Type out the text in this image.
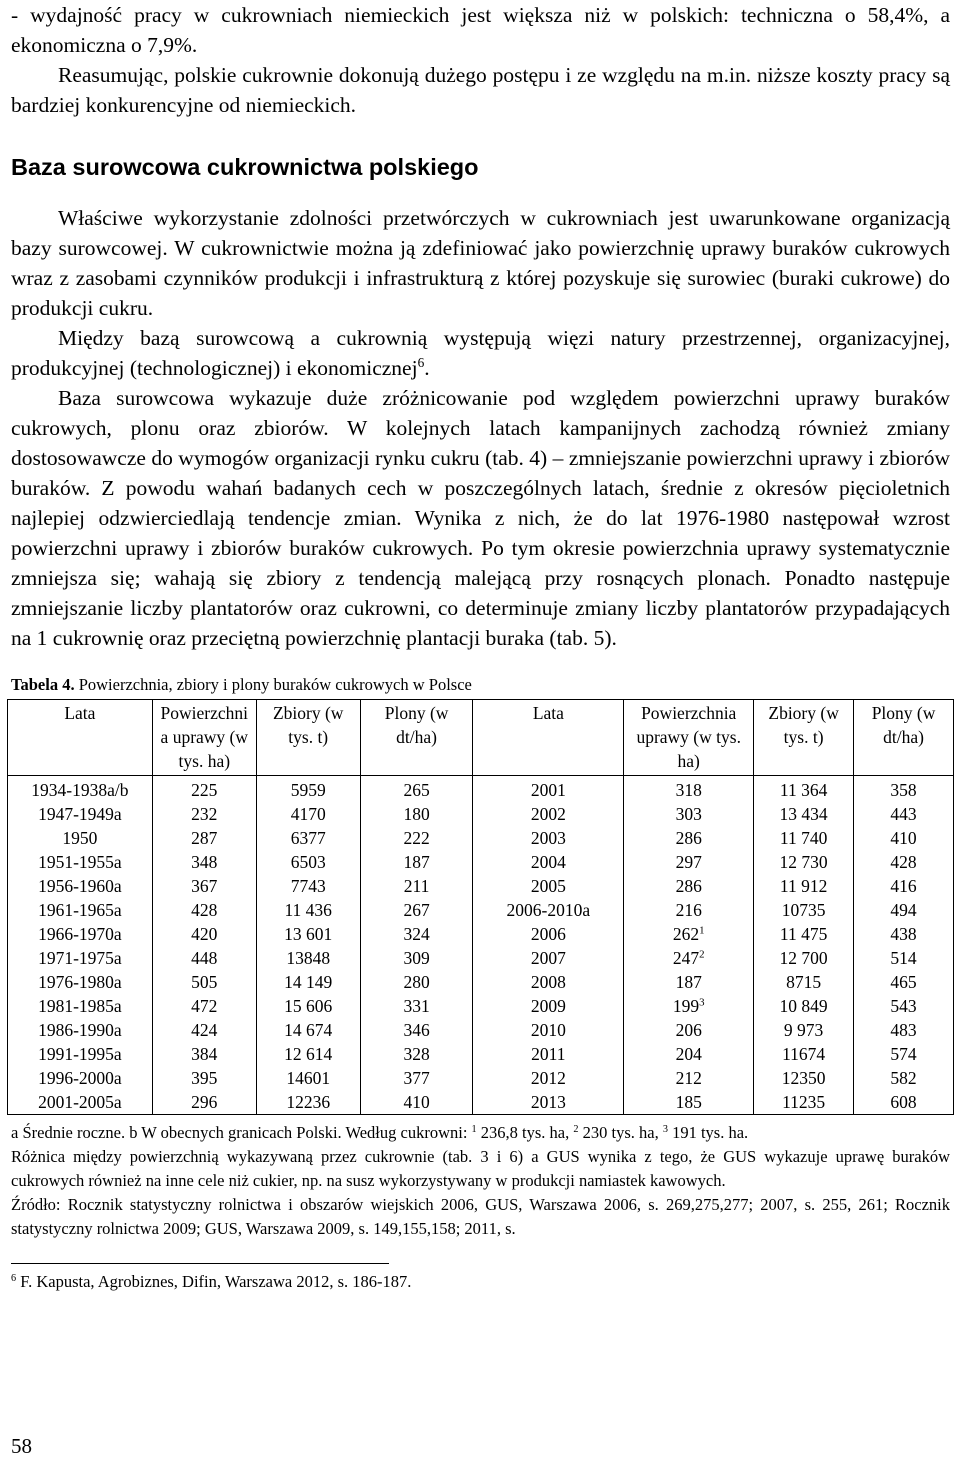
- wydajność pracy w cukrowniach niemieckich jest większa niż w polskich: techniczna o 58,4%, a ekonomiczna o 7,9%.

Reasumując, polskie cukrownie dokonują dużego postępu i ze względu na m.in. niższe koszty pracy są bardziej konkurencyjne od niemieckich.

Baza surowcowa cukrownictwa polskiego

Właściwe wykorzystanie zdolności przetwórczych w cukrowniach jest uwarunkowane organizacją bazy surowcowej. W cukrownictwie można ją zdefiniować jako powierzchnię uprawy buraków cukrowych wraz z zasobami czynników produkcji i infrastrukturą z której pozyskuje się surowiec (buraki cukrowe) do produkcji cukru.

Między bazą surowcową a cukrownią występują więzi natury przestrzennej, organizacyjnej, produkcyjnej (technologicznej) i ekonomicznej$^6$.

Baza surowcowa wykazuje duże zróżnicowanie pod względem powierzchni uprawy buraków cukrowych, plonu oraz zbiorów. W kolejnych latach kampanijnych zachodzą również zmiany dostosowawcze do wymogów organizacji rynku cukru (tab. 4) – zmniejszanie powierzchni uprawy i zbiorów buraków. Z powodu wahań badanych cech w poszczególnych latach, średnie z okresów pięcioletnich najlepiej odzwierciedlają tendencje zmian. Wynika z nich, że do lat 1976-1980 następował wzrost powierzchni uprawy i zbiorów buraków cukrowych. Po tym okresie powierzchnia uprawy systematycznie zmniejsza się; wahają się zbiory z tendencją malejącą przy rosnących plonach. Ponadto następuje zmniejszanie liczby plantatorów oraz cukrowni, co determinuje zmiany liczby plantatorów przypadających na 1 cukrownię oraz przeciętną powierzchnię plantacji buraka (tab. 5).

Tabela 4. Powierzchnia, zbiory i plony buraków cukrowych w Polsce
Lata	Powierzchni a uprawy (w tys. ha)	Zbiory (w tys. t)	Plony (w dt/ha)	Lata	Powierzchnia uprawy (w tys. ha)	Zbiory (w tys. t)	Plony (w dt/ha)
1934-1938a/b	225	5959	265	2001	318	11 364	358
1947-1949a	232	4170	180	2002	303	13 434	443
1950	287	6377	222	2003	286	11 740	410
1951-1955a	348	6503	187	2004	297	12 730	428
1956-1960a	367	7743	211	2005	286	11 912	416
1961-1965a	428	11 436	267	2006-2010a	216	10735	494
1966-1970a	420	13 601	324	2006	$262^1$	11 475	438
1971-1975a	448	13848	309	2007	$247^2$	12 700	514
1976-1980a	505	14 149	280	2008	187	8715	465
1981-1985a	472	15 606	331	2009	$199^3$	10 849	543
1986-1990a	424	14 674	346	2010	206	9 973	483
1991-1995a	384	12 614	328	2011	204	11674	574
1996-2000a	395	14601	377	2012	212	12350	582
2001-2005a	296	12236	410	2013	185	11235	608

a Średnie roczne. b W obecnych granicach Polski. Według cukrowni: $^1$ 236,8 tys. ha, $^2$ 230 tys. ha, $^3$ 191 tys. ha.

Różnica między powierzchnią wykazywaną przez cukrownie (tab. 3 i 6) a GUS wynika z tego, że GUS wykazuje uprawę buraków cukrowych również na inne cele niż cukier, np. na susz wykorzystywany w produkcji namiastek kawowych.

Źródło: Rocznik statystyczny rolnictwa i obszarów wiejskich 2006, GUS, Warszawa 2006, s. 269,275,277; 2007, s. 255, 261; Rocznik statystyczny rolnictwa 2009; GUS, Warszawa 2009, s. 149,155,158; 2011, s.

$^6$ F. Kapusta, Agrobiznes, Difin, Warszawa 2012, s. 186-187.
58
